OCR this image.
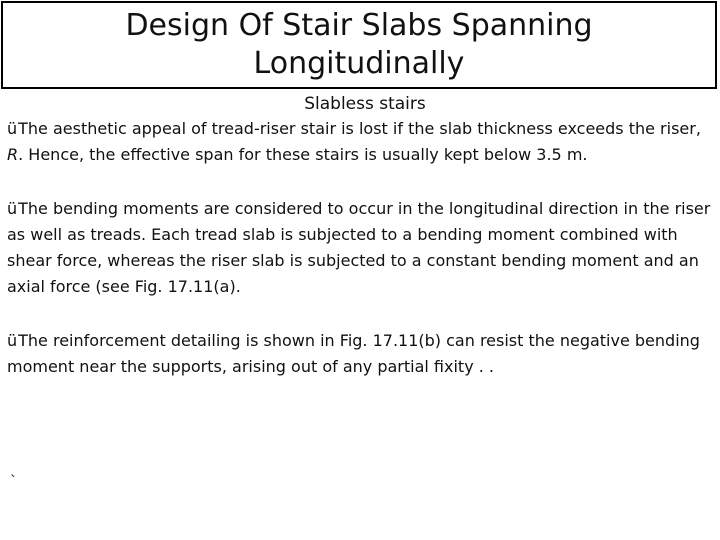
Design Of Stair Slabs Spanning Longitudinally

Slabless stairs

üThe aesthetic appeal of tread-riser stair is lost if the slab thickness exceeds the riser, R. Hence, the effective span for these stairs is usually kept below 3.5 m.

üThe bending moments are considered to occur in the longitudinal direction in the riser as well as treads. Each tread slab is subjected to a bending moment combined with shear force, whereas the riser slab is subjected to a constant bending moment and an axial force (see Fig. 17.11(a).

üThe reinforcement detailing is shown in Fig. 17.11(b) can resist the negative bending moment near the supports, arising out of any partial fixity . .

`
